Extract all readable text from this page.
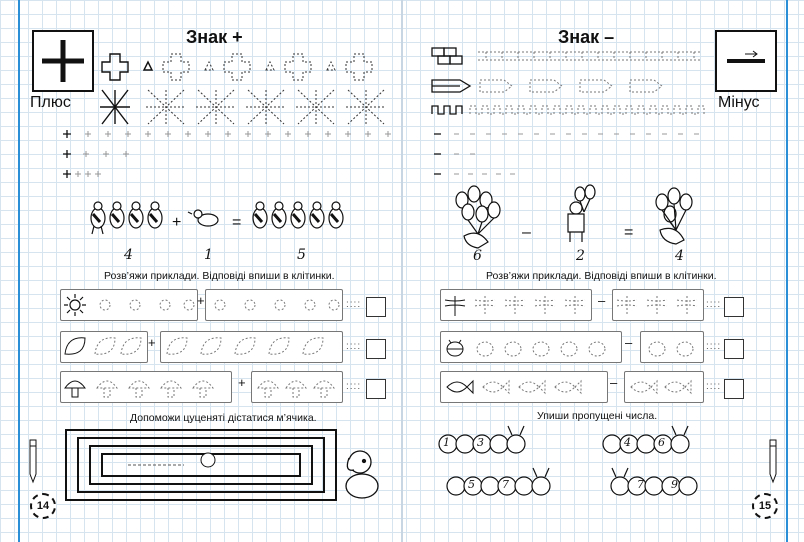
Плюс
Знак +
+	=
4	1	5
Розв’яжи приклади. Відповіді впиши в клітинки.
+	::::
+	::::
+	::::
Допоможи цуценяті дістатися м’ячика.
14
Знак –
Мінус
–	=
6	2	4
Розв’яжи приклади. Відповіді впиши в клітинки.
–	::::
–	::::
–	::::
Упиши пропущені числа.
1 3	4 6
5 7	7 9
15
